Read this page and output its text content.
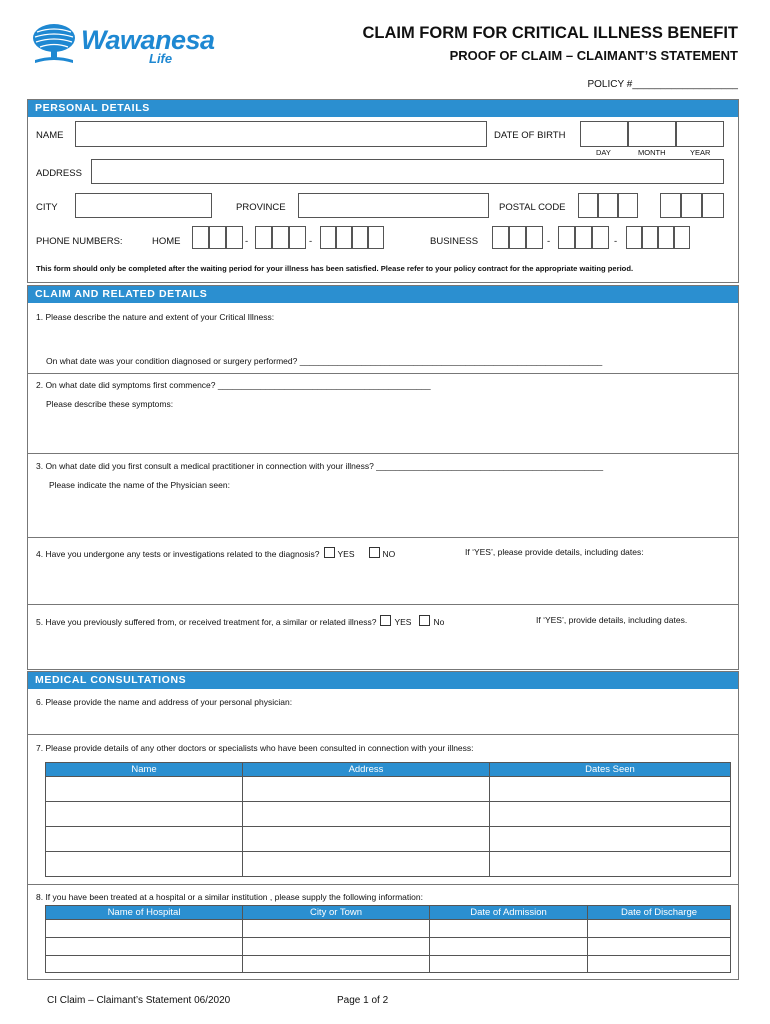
Wawanesa
Life
CLAIM FORM FOR CRITICAL ILLNESS BENEFIT
PROOF OF CLAIM – CLAIMANT’S STATEMENT
POLICY #___________________
PERSONAL DETAILS
NAME	DATE OF BIRTH
DAY	MONTH	YEAR
ADDRESS
CITY	PROVINCE	POSTAL CODE
PHONE NUMBERS:	HOME	-	-	BUSINESS	-	-
This form should only be completed after the waiting period for your illness has been satisfied. Please refer to your policy contract for the appropriate waiting period.
CLAIM AND RELATED DETAILS
1. Please describe the nature and extent of your Critical Illness:
On what date was your condition diagnosed or surgery performed? ________________________________________________________________
2. On what date did symptoms first commence? _____________________________________________
Please describe these symptoms:
3. On what date did you first consult a medical practitioner in connection with your illness? ________________________________________________
Please indicate the name of the Physician seen:
4. Have you undergone any tests or investigations related to the diagnosis? YES	NO	If ‘YES’, please provide details, including dates:
5. Have you previously suffered from, or received treatment for, a similar or related illness? YES	No	If ‘YES’, provide details, including dates.
MEDICAL CONSULTATIONS
6. Please provide the name and address of your personal physician:
7. Please provide details of any other doctors or specialists who have been consulted in connection with your illness:
Name	Address	Dates Seen

8. If you have been treated at a hospital or a similar institution , please supply the following information:
Name of Hospital	City or Town	Date of Admission	Date of Discharge

CI Claim – Claimant’s Statement 06/2020	Page 1 of 2
